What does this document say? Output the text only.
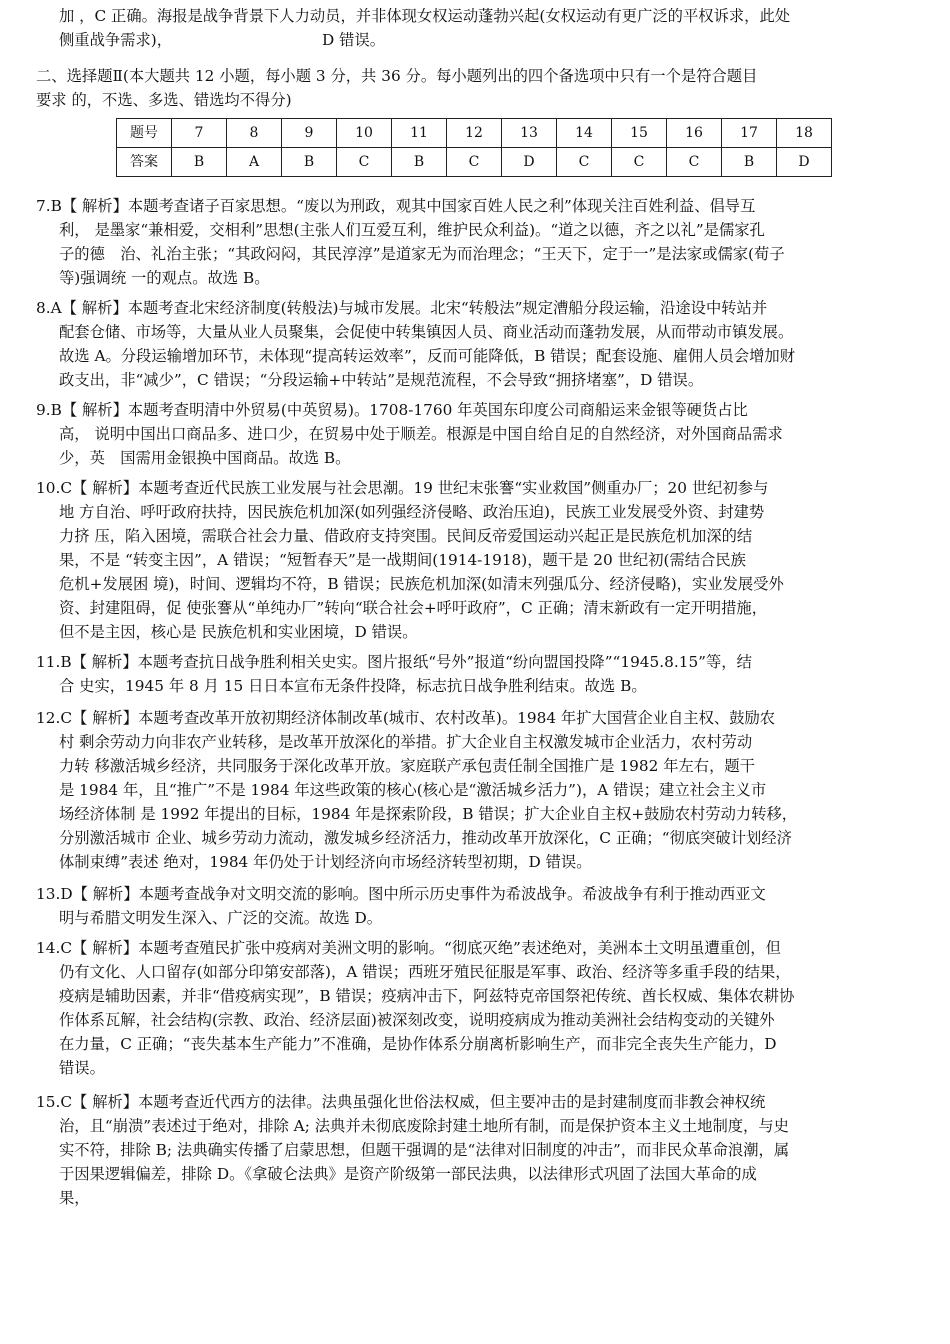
加 ，C 正确。海报是战争背景下人力动员，并非体现女权运动蓬勃兴起(女权运动有更广泛的平权诉求，此处
侧重战争需求)，	D 错误。
二、选择题Ⅱ(本大题共 12 小题，每小题 3 分，共 36 分。每小题列出的四个备选项中只有一个是符合题目
要求 的，不选、多选、错选均不得分)
题号	7	8	9	10	11	12	13	14	15	16	17	18
答案	B	A	B	C	B	C	D	C	C	C	B	D
7.B【 解析】本题考查诸子百家思想。“废以为刑政，观其中国家百姓人民之利”体现关注百姓利益、倡导互
利， 是墨家“兼相爱，交相利”思想(主张人们互爱互利，维护民众利益)。“道之以德，齐之以礼”是儒家孔
子的德　治、礼治主张；“其政闷闷，其民淳淳”是道家无为而治理念；“王天下，定于一”是法家或儒家(荀子
等)强调统 一的观点。故选 B。
8.A【 解析】本题考查北宋经济制度(转般法)与城市发展。北宋“转般法”规定漕船分段运输，沿途设中转站并
配套仓储、市场等，大量从业人员聚集，会促使中转集镇因人员、商业活动而蓬勃发展，从而带动市镇发展。
故选 A。分段运输增加环节，未体现“提高转运效率”，反而可能降低，B 错误；配套设施、雇佣人员会增加财
政支出，非“减少”，C 错误；“分段运输+中转站”是规范流程，不会导致“拥挤堵塞”，D 错误。
9.B【 解析】本题考查明清中外贸易(中英贸易)。1708-1760 年英国东印度公司商船运来金银等硬货占比
高， 说明中国出口商品多、进口少，在贸易中处于顺差。根源是中国自给自足的自然经济，对外国商品需求
少，英　国需用金银换中国商品。故选 B。
10.C【 解析】本题考查近代民族工业发展与社会思潮。19 世纪末张謇“实业救国”侧重办厂；20 世纪初参与
地 方自治、呼吁政府扶持，因民族危机加深(如列强经济侵略、政治压迫)，民族工业发展受外资、封建势
力挤 压，陷入困境，需联合社会力量、借政府支持突围。民间反帝爱国运动兴起正是民族危机加深的结
果，不是 “转变主因”，A 错误；“短暂春天”是一战期间(1914-1918)，题干是 20 世纪初(需结合民族
危机+发展困 境)，时间、逻辑均不符，B 错误；民族危机加深(如清末列强瓜分、经济侵略)，实业发展受外
资、封建阻碍，促 使张謇从“单纯办厂”转向“联合社会+呼吁政府”，C 正确；清末新政有一定开明措施，
但不是主因，核心是 民族危机和实业困境，D 错误。
11.B【 解析】本题考查抗日战争胜利相关史实。图片报纸“号外”报道“纷向盟国投降”“1945.8.15”等，结
合 史实，1945 年 8 月 15 日日本宣布无条件投降，标志抗日战争胜利结束。故选 B。
12.C【 解析】本题考查改革开放初期经济体制改革(城市、农村改革)。1984 年扩大国营企业自主权、鼓励农
村 剩余劳动力向非农产业转移，是改革开放深化的举措。扩大企业自主权激发城市企业活力，农村劳动
力转 移激活城乡经济，共同服务于深化改革开放。家庭联产承包责任制全国推广是 1982 年左右，题干
是 1984 年，且“推广”不是 1984 年这些政策的核心(核心是“激活城乡活力”)，A 错误；建立社会主义市
场经济体制 是 1992 年提出的目标，1984 年是探索阶段，B 错误；扩大企业自主权+鼓励农村劳动力转移，
分别激活城市 企业、城乡劳动力流动，激发城乡经济活力，推动改革开放深化，C 正确；“彻底突破计划经济
体制束缚”表述 绝对，1984 年仍处于计划经济向市场经济转型初期，D 错误。
13.D【 解析】本题考查战争对文明交流的影响。图中所示历史事件为希波战争。希波战争有利于推动西亚文
明与希腊文明发生深入、广泛的交流。故选 D。
14.C【 解析】本题考查殖民扩张中疫病对美洲文明的影响。“彻底灭绝”表述绝对，美洲本土文明虽遭重创，但
仍有文化、人口留存(如部分印第安部落)，A 错误；西班牙殖民征服是军事、政治、经济等多重手段的结果，
疫病是辅助因素，并非“借疫病实现”，B 错误；疫病冲击下，阿兹特克帝国祭祀传统、酋长权威、集体农耕协
作体系瓦解，社会结构(宗教、政治、经济层面)被深刻改变，说明疫病成为推动美洲社会结构变动的关键外
在力量，C 正确；“丧失基本生产能力”不准确，是协作体系分崩离析影响生产，而非完全丧失生产能力，D
错误。
15.C【 解析】本题考查近代西方的法律。法典虽强化世俗法权威，但主要冲击的是封建制度而非教会神权统
治，且“崩溃”表述过于绝对，排除 A; 法典并未彻底废除封建土地所有制，而是保护资本主义土地制度，与史
实不符，排除 B; 法典确实传播了启蒙思想，但题干强调的是“法律对旧制度的冲击”，而非民众革命浪潮，属
于因果逻辑偏差，排除 D。《拿破仑法典》是资产阶级第一部民法典，以法律形式巩固了法国大革命的成
果，
